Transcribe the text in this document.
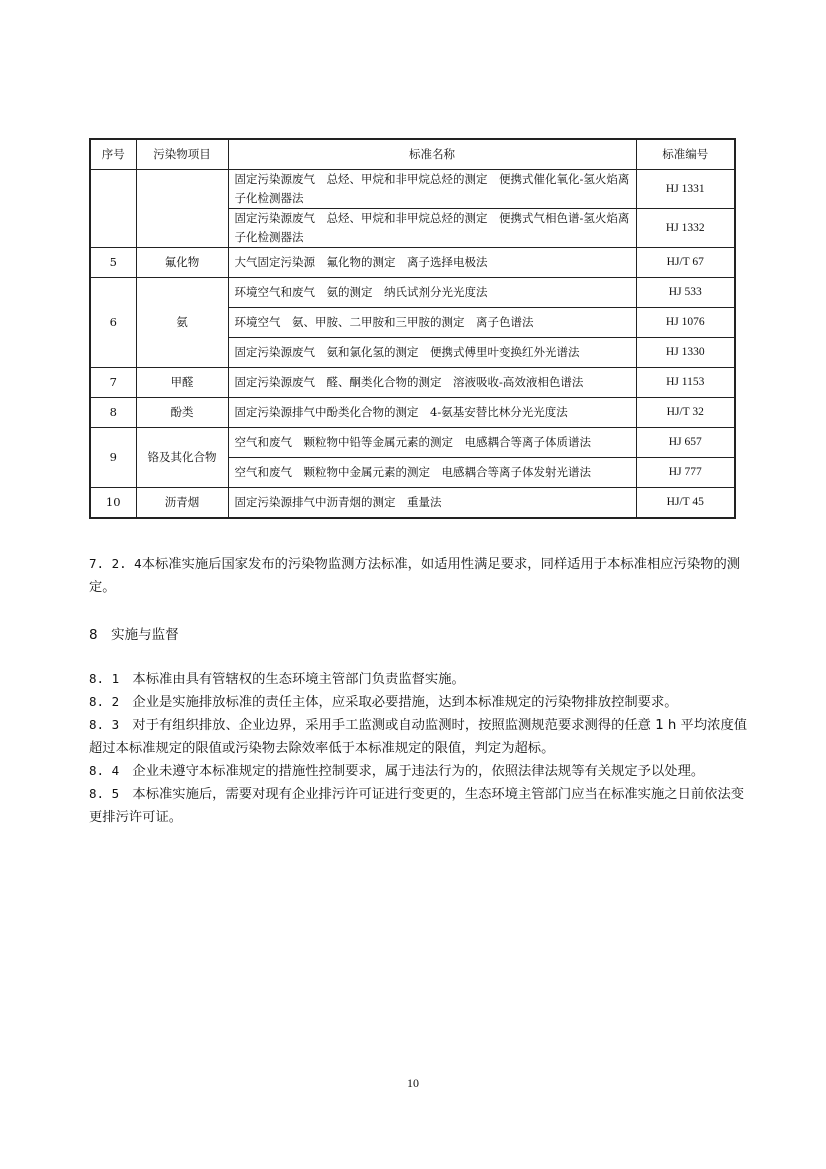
序号	污染物项目	标准名称	标准编号
		固定污染源废气　总烃、甲烷和非甲烷总烃的测定　便携式催化氧化-氢火焰离子化检测器法	HJ 1331
		固定污染源废气　总烃、甲烷和非甲烷总烃的测定　便携式气相色谱-氢火焰离子化检测器法	HJ 1332
5	氟化物	大气固定污染源　氟化物的测定　离子选择电极法	HJ/T 67
6	氨	环境空气和废气　氨的测定　纳氏试剂分光光度法	HJ 533
		环境空气　氨、甲胺、二甲胺和三甲胺的测定　离子色谱法	HJ 1076
		固定污染源废气　氨和氯化氢的测定　便携式傅里叶变换红外光谱法	HJ 1330
7	甲醛	固定污染源废气　醛、酮类化合物的测定　溶液吸收-高效液相色谱法	HJ 1153
8	酚类	固定污染源排气中酚类化合物的测定　4-氨基安替比林分光光度法	HJ/T 32
9	铬及其化合物	空气和废气　颗粒物中铅等金属元素的测定　电感耦合等离子体质谱法	HJ 657
		空气和废气　颗粒物中金属元素的测定　电感耦合等离子体发射光谱法	HJ 777
10	沥青烟	固定污染源排气中沥青烟的测定　重量法	HJ/T 45
7. 2. 4本标准实施后国家发布的污染物监测方法标准，如适用性满足要求，同样适用于本标准相应污染物的测定。
8　 实施与监督
8. 1　 本标准由具有管辖权的生态环境主管部门负责监督实施。
8. 2　 企业是实施排放标准的责任主体，应采取必要措施，达到本标准规定的污染物排放控制要求。
8. 3　 对于有组织排放、企业边界，采用手工监测或自动监测时，按照监测规范要求测得的任意 1 h 平均浓度值超过本标准规定的限值或污染物去除效率低于本标准规定的限值，判定为超标。
8. 4　 企业未遵守本标准规定的措施性控制要求，属于违法行为的，依照法律法规等有关规定予以处理。
8. 5　 本标准实施后，需要对现有企业排污许可证进行变更的，生态环境主管部门应当在标准实施之日前依法变更排污许可证。
10
